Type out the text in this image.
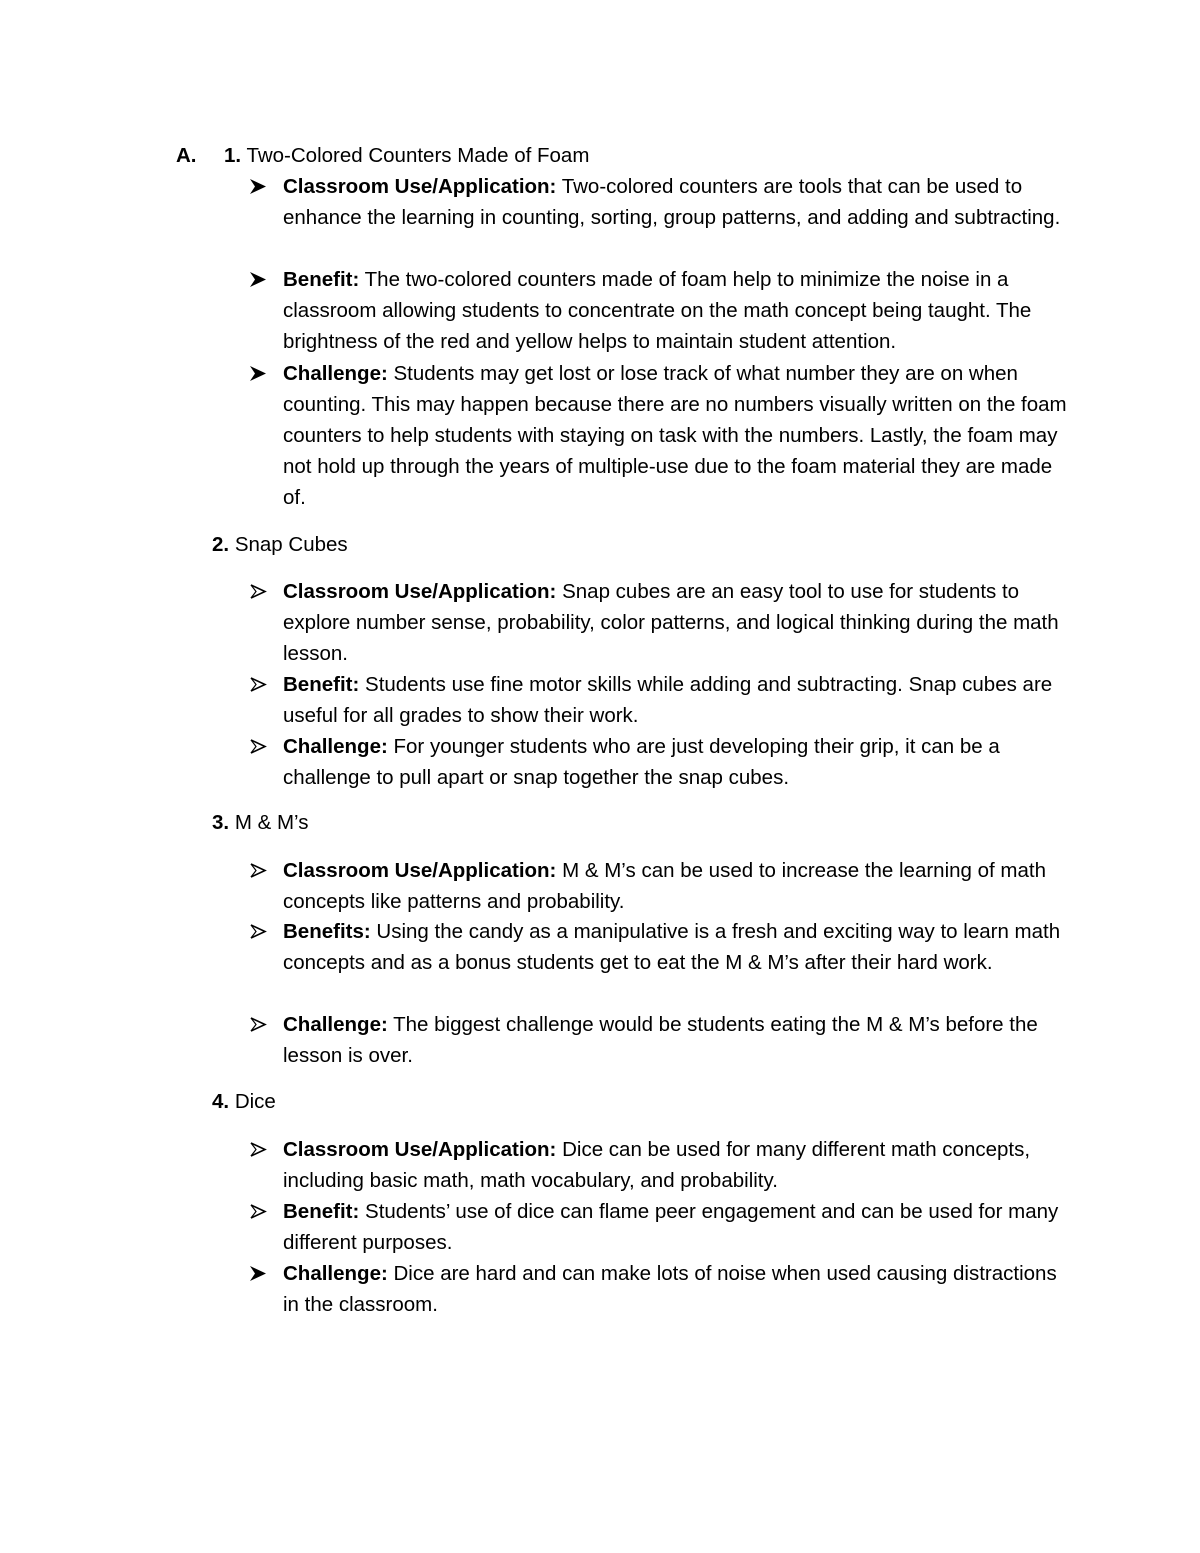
A. 1. Two-Colored Counters Made of Foam
Classroom Use/Application: Two-colored counters are tools that can be used to enhance the learning in counting, sorting, group patterns, and adding and subtracting.
Benefit: The two-colored counters made of foam help to minimize the noise in a classroom allowing students to concentrate on the math concept being taught. The brightness of the red and yellow helps to maintain student attention.
Challenge: Students may get lost or lose track of what number they are on when counting. This may happen because there are no numbers visually written on the foam counters to help students with staying on task with the numbers. Lastly, the foam may not hold up through the years of multiple-use due to the foam material they are made of.
2. Snap Cubes
Classroom Use/Application: Snap cubes are an easy tool to use for students to explore number sense, probability, color patterns, and logical thinking during the math lesson.
Benefit: Students use fine motor skills while adding and subtracting. Snap cubes are useful for all grades to show their work.
Challenge: For younger students who are just developing their grip, it can be a challenge to pull apart or snap together the snap cubes.
3. M & M’s
Classroom Use/Application: M & M’s can be used to increase the learning of math concepts like patterns and probability.
Benefits: Using the candy as a manipulative is a fresh and exciting way to learn math concepts and as a bonus students get to eat the M & M’s after their hard work.
Challenge: The biggest challenge would be students eating the M & M’s before the lesson is over.
4. Dice
Classroom Use/Application: Dice can be used for many different math concepts, including basic math, math vocabulary, and probability.
Benefit: Students’ use of dice can flame peer engagement and can be used for many different purposes.
Challenge: Dice are hard and can make lots of noise when used causing distractions in the classroom.
